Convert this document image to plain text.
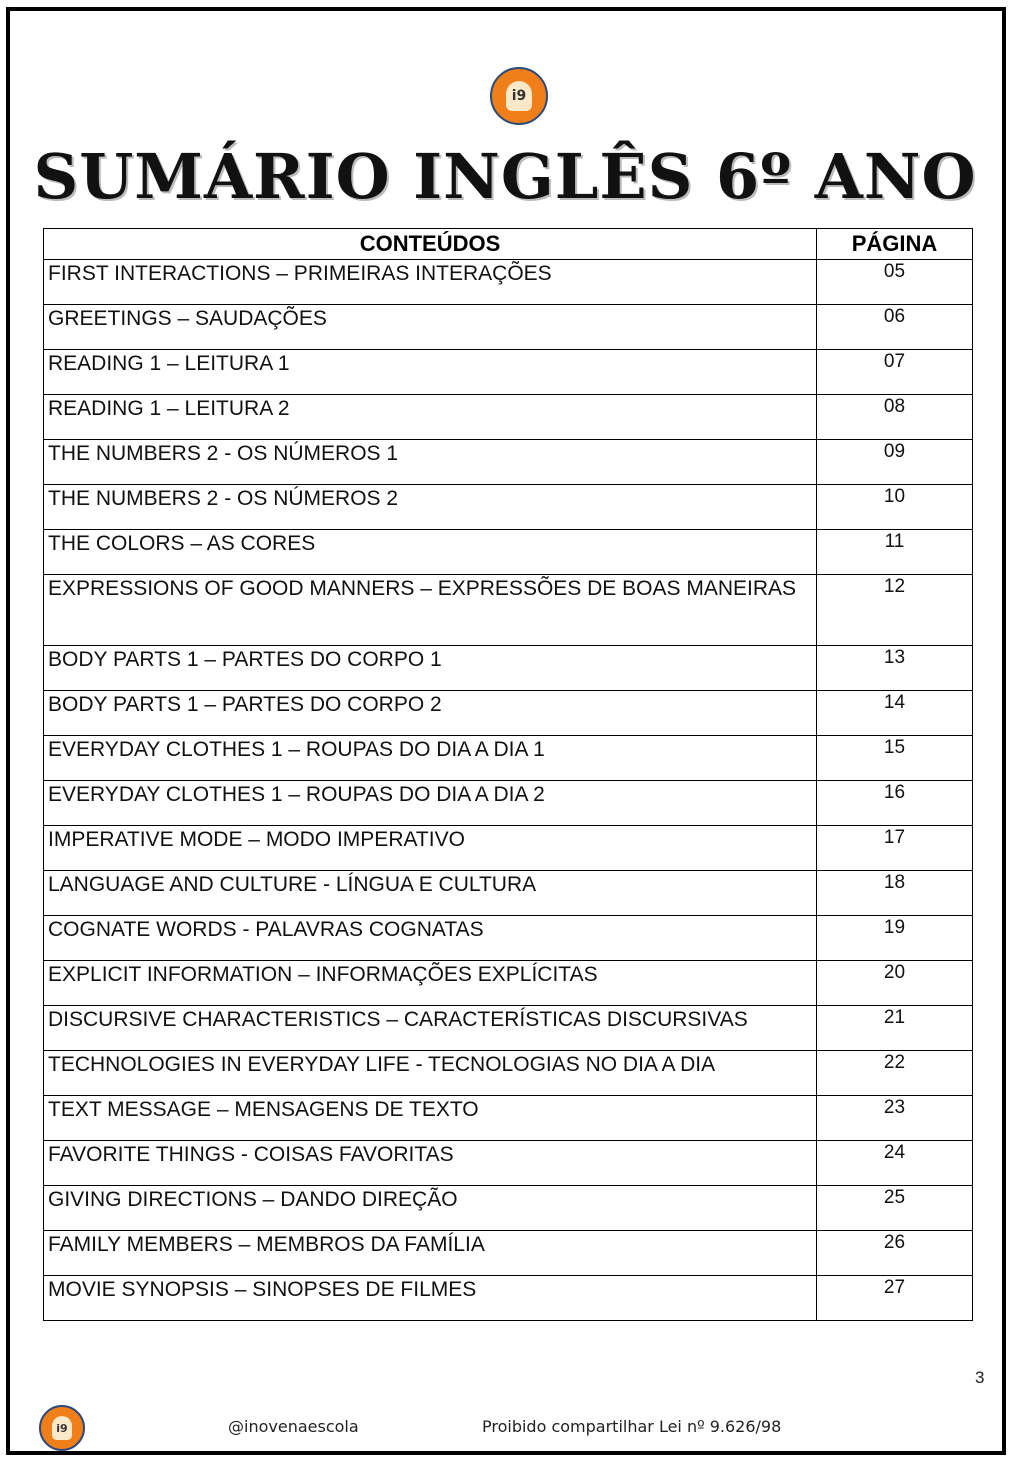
i9
SUMÁRIO INGLÊS 6º ANO
CONTEÚDOS	PÁGINA
FIRST INTERACTIONS – PRIMEIRAS INTERAÇÕES	05
GREETINGS – SAUDAÇÕES	06
READING 1 – LEITURA 1	07
READING 1 – LEITURA 2	08
THE NUMBERS 2 - OS NÚMEROS 1	09
THE NUMBERS 2 - OS NÚMEROS 2	10
THE COLORS – AS CORES	11
EXPRESSIONS OF GOOD MANNERS – EXPRESSÕES DE BOAS MANEIRAS	12
BODY PARTS 1 – PARTES DO CORPO 1	13
BODY PARTS 1 – PARTES DO CORPO 2	14
EVERYDAY CLOTHES 1 – ROUPAS DO DIA A DIA 1	15
EVERYDAY CLOTHES 1 – ROUPAS DO DIA A DIA 2	16
IMPERATIVE MODE – MODO IMPERATIVO	17
LANGUAGE AND CULTURE - LÍNGUA E CULTURA	18
COGNATE WORDS - PALAVRAS COGNATAS	19
EXPLICIT INFORMATION – INFORMAÇÕES EXPLÍCITAS	20
DISCURSIVE CHARACTERISTICS – CARACTERÍSTICAS DISCURSIVAS	21
TECHNOLOGIES IN EVERYDAY LIFE - TECNOLOGIAS NO DIA A DIA	22
TEXT MESSAGE – MENSAGENS DE TEXTO	23
FAVORITE THINGS - COISAS FAVORITAS	24
GIVING DIRECTIONS – DANDO DIREÇÃO	25
FAMILY MEMBERS – MEMBROS DA FAMÍLIA	26
MOVIE SYNOPSIS – SINOPSES DE FILMES	27
3
i9	@inovenaescola	Proibido compartilhar Lei nº 9.626/98
